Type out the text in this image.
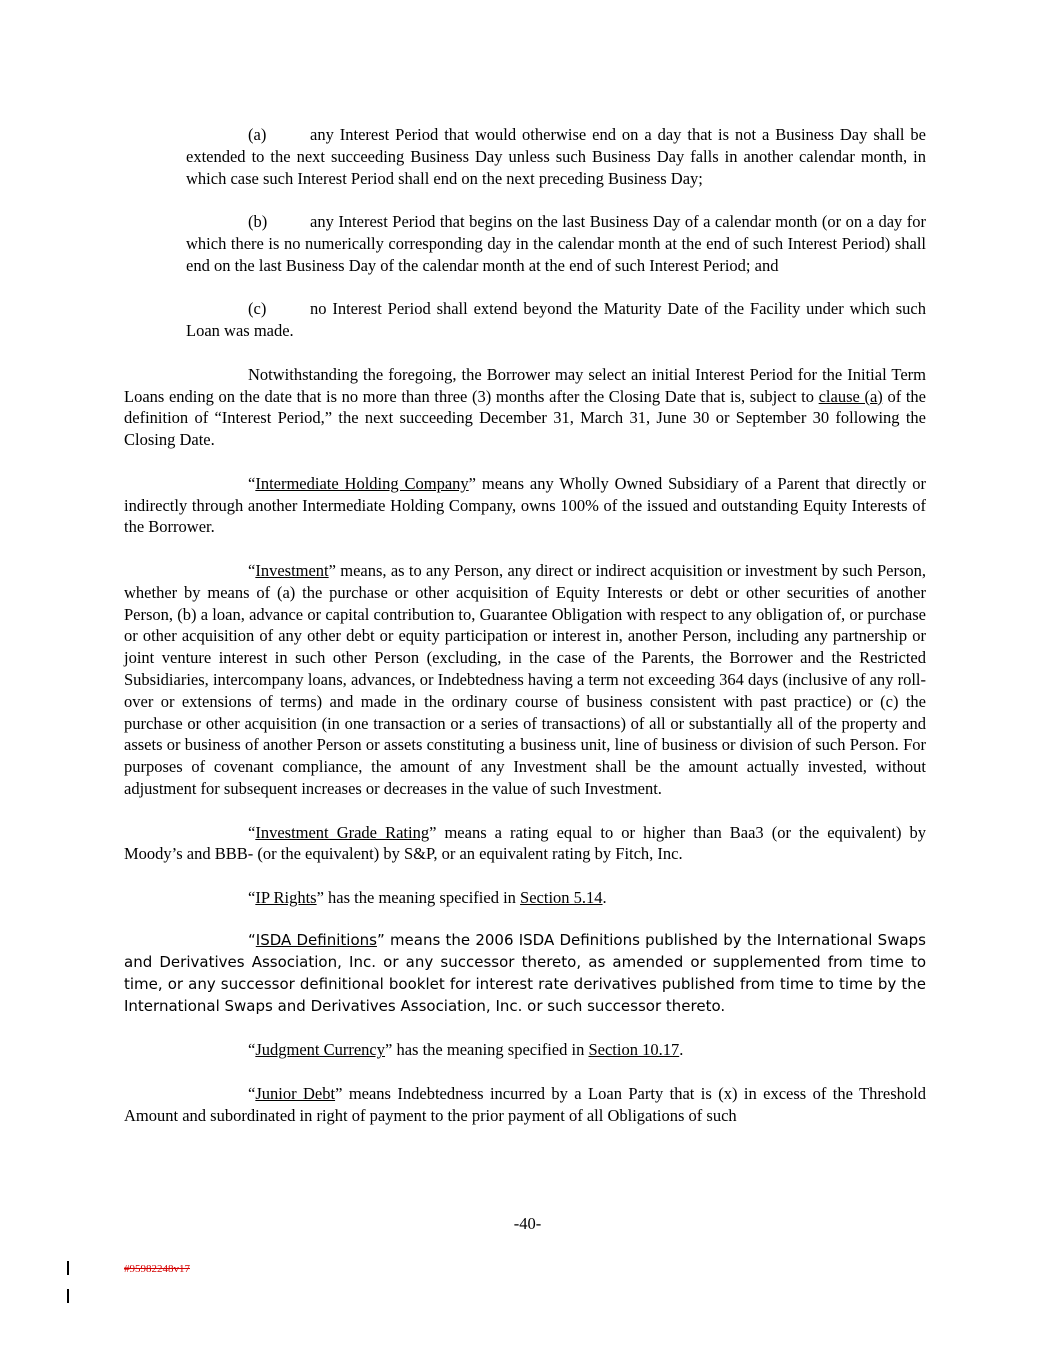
(a)	any Interest Period that would otherwise end on a day that is not a Business Day shall be extended to the next succeeding Business Day unless such Business Day falls in another calendar month, in which case such Interest Period shall end on the next preceding Business Day;

(b)	any Interest Period that begins on the last Business Day of a calendar month (or on a day for which there is no numerically corresponding day in the calendar month at the end of such Interest Period) shall end on the last Business Day of the calendar month at the end of such Interest Period; and

(c)	no Interest Period shall extend beyond the Maturity Date of the Facility under which such Loan was made.

Notwithstanding the foregoing, the Borrower may select an initial Interest Period for the Initial Term Loans ending on the date that is no more than three (3) months after the Closing Date that is, subject to clause (a) of the definition of “Interest Period,” the next succeeding December 31, March 31, June 30 or September 30 following the Closing Date.

“Intermediate Holding Company” means any Wholly Owned Subsidiary of a Parent that directly or indirectly through another Intermediate Holding Company, owns 100% of the issued and outstanding Equity Interests of the Borrower.

“Investment” means, as to any Person, any direct or indirect acquisition or investment by such Person, whether by means of (a) the purchase or other acquisition of Equity Interests or debt or other securities of another Person, (b) a loan, advance or capital contribution to, Guarantee Obligation with respect to any obligation of, or purchase or other acquisition of any other debt or equity participation or interest in, another Person, including any partnership or joint venture interest in such other Person (excluding, in the case of the Parents, the Borrower and the Restricted Subsidiaries, intercompany loans, advances, or Indebtedness having a term not exceeding 364 days (inclusive of any roll-over or extensions of terms) and made in the ordinary course of business consistent with past practice) or (c) the purchase or other acquisition (in one transaction or a series of transactions) of all or substantially all of the property and assets or business of another Person or assets constituting a business unit, line of business or division of such Person. For purposes of covenant compliance, the amount of any Investment shall be the amount actually invested, without adjustment for subsequent increases or decreases in the value of such Investment.

“Investment Grade Rating” means a rating equal to or higher than Baa3 (or the equivalent) by Moody’s and BBB- (or the equivalent) by S&P, or an equivalent rating by Fitch, Inc.

“IP Rights” has the meaning specified in Section 5.14.

“ISDA Definitions” means the 2006 ISDA Definitions published by the International Swaps and Derivatives Association, Inc. or any successor thereto, as amended or supplemented from time to time, or any successor definitional booklet for interest rate derivatives published from time to time by the International Swaps and Derivatives Association, Inc. or such successor thereto.

“Judgment Currency” has the meaning specified in Section 10.17.

“Junior Debt” means Indebtedness incurred by a Loan Party that is (x) in excess of the Threshold Amount and subordinated in right of payment to the prior payment of all Obligations of such

-40-
#95982248v17
